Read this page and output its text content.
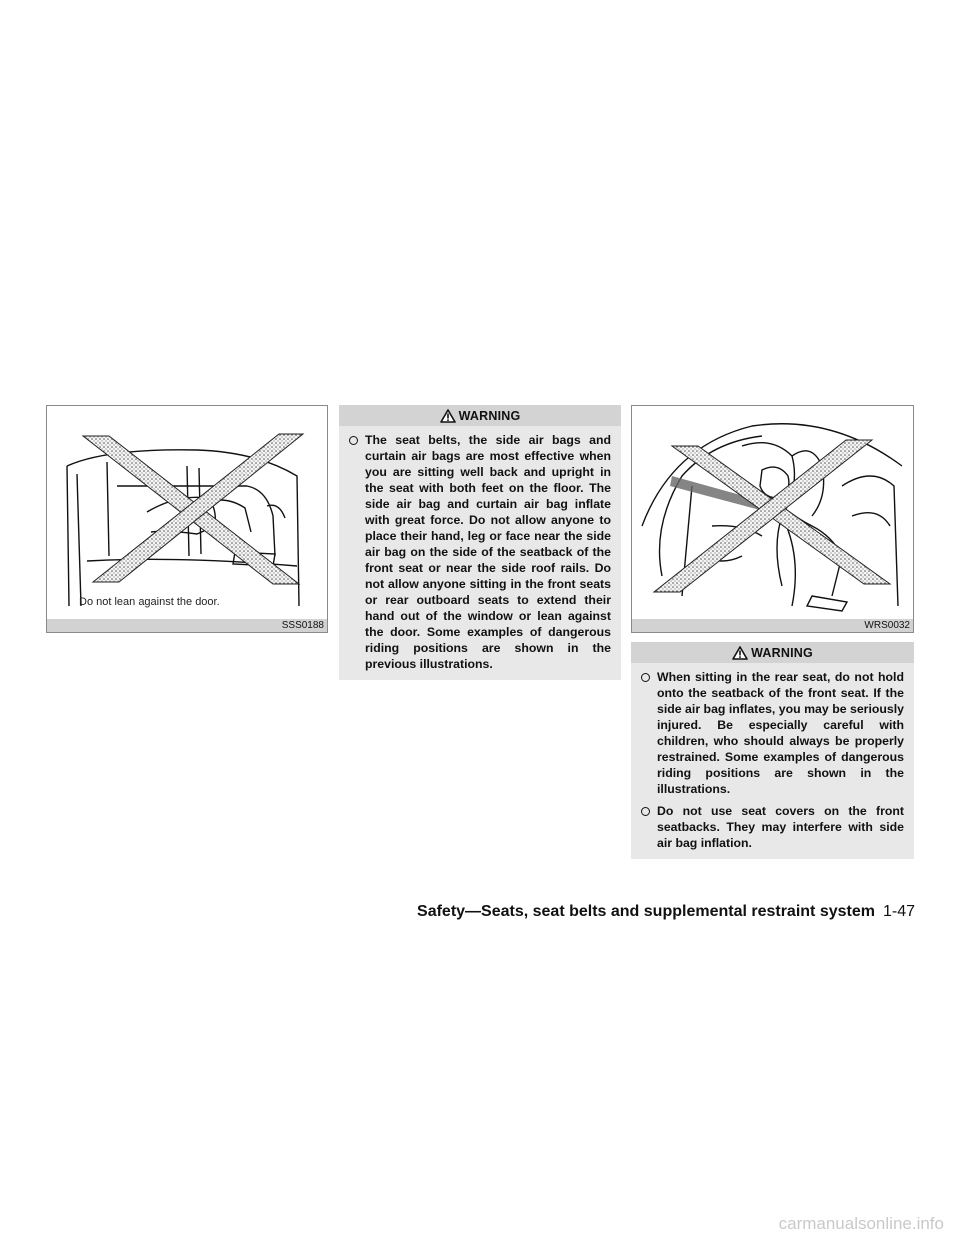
Do not lean against the door.
SSS0188
WARNING
The seat belts, the side air bags and curtain air bags are most effective when you are sitting well back and upright in the seat with both feet on the floor. The side air bag and curtain air bag inflate with great force. Do not allow anyone to place their hand, leg or face near the side air bag on the side of the seatback of the front seat or near the side roof rails. Do not allow anyone sitting in the front seats or rear outboard seats to extend their hand out of the window or lean against the door. Some examples of dangerous riding positions are shown in the previous illustrations.
WRS0032
WARNING
When sitting in the rear seat, do not hold onto the seatback of the front seat. If the side air bag inflates, you may be seriously injured. Be especially careful with children, who should always be properly restrained. Some examples of dangerous riding positions are shown in the illustrations.
Do not use seat covers on the front seatbacks. They may interfere with side air bag inflation.
Safety—Seats, seat belts and supplemental restraint system 1-47
carmanualsonline.info
